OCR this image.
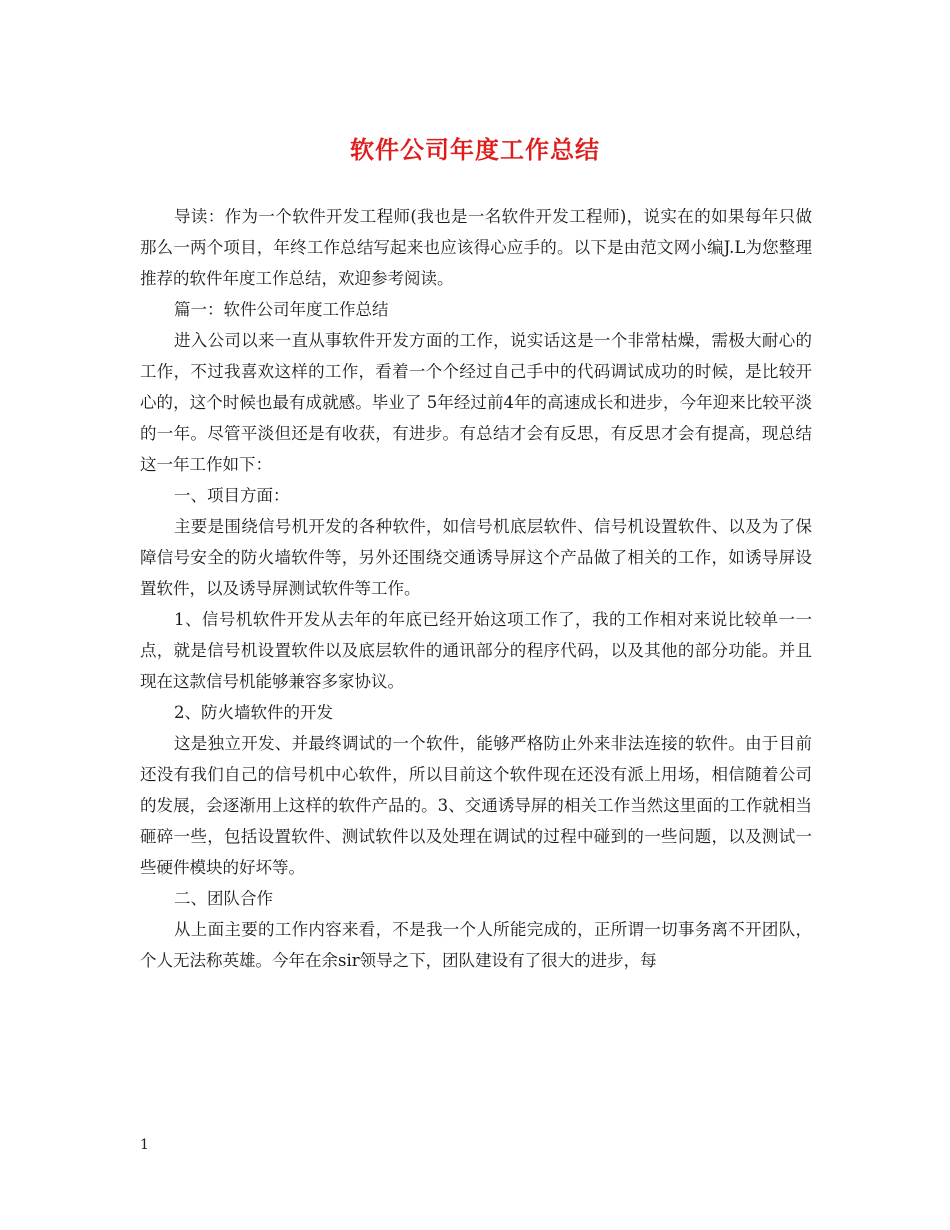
软件公司年度工作总结

导读：作为一个软件开发工程师(我也是一名软件开发工程师)，说实在的如果每年只做那么一两个项目，年终工作总结写起来也应该得心应手的。以下是由范文网小编J.L为您整理推荐的软件年度工作总结，欢迎参考阅读。

篇一：软件公司年度工作总结

进入公司以来一直从事软件开发方面的工作，说实话这是一个非常枯燥，需极大耐心的工作，不过我喜欢这样的工作，看着一个个经过自己手中的代码调试成功的时候，是比较开心的，这个时候也最有成就感。毕业了 5年经过前4年的高速成长和进步，今年迎来比较平淡的一年。尽管平淡但还是有收获，有进步。有总结才会有反思，有反思才会有提高，现总结这一年工作如下：

一、项目方面：

主要是围绕信号机开发的各种软件，如信号机底层软件、信号机设置软件、以及为了保障信号安全的防火墙软件等，另外还围绕交通诱导屏这个产品做了相关的工作，如诱导屏设置软件，以及诱导屏测试软件等工作。

1、信号机软件开发从去年的年底已经开始这项工作了，我的工作相对来说比较单一一点，就是信号机设置软件以及底层软件的通讯部分的程序代码，以及其他的部分功能。并且现在这款信号机能够兼容多家协议。

2、防火墙软件的开发

这是独立开发、并最终调试的一个软件，能够严格防止外来非法连接的软件。由于目前还没有我们自己的信号机中心软件，所以目前这个软件现在还没有派上用场，相信随着公司的发展，会逐渐用上这样的软件产品的。3、交通诱导屏的相关工作当然这里面的工作就相当砸碎一些，包括设置软件、测试软件以及处理在调试的过程中碰到的一些问题，以及测试一些硬件模块的好坏等。

二、团队合作

从上面主要的工作内容来看，不是我一个人所能完成的，正所谓一切事务离不开团队，个人无法称英雄。今年在余sir领导之下，团队建设有了很大的进步，每

1
